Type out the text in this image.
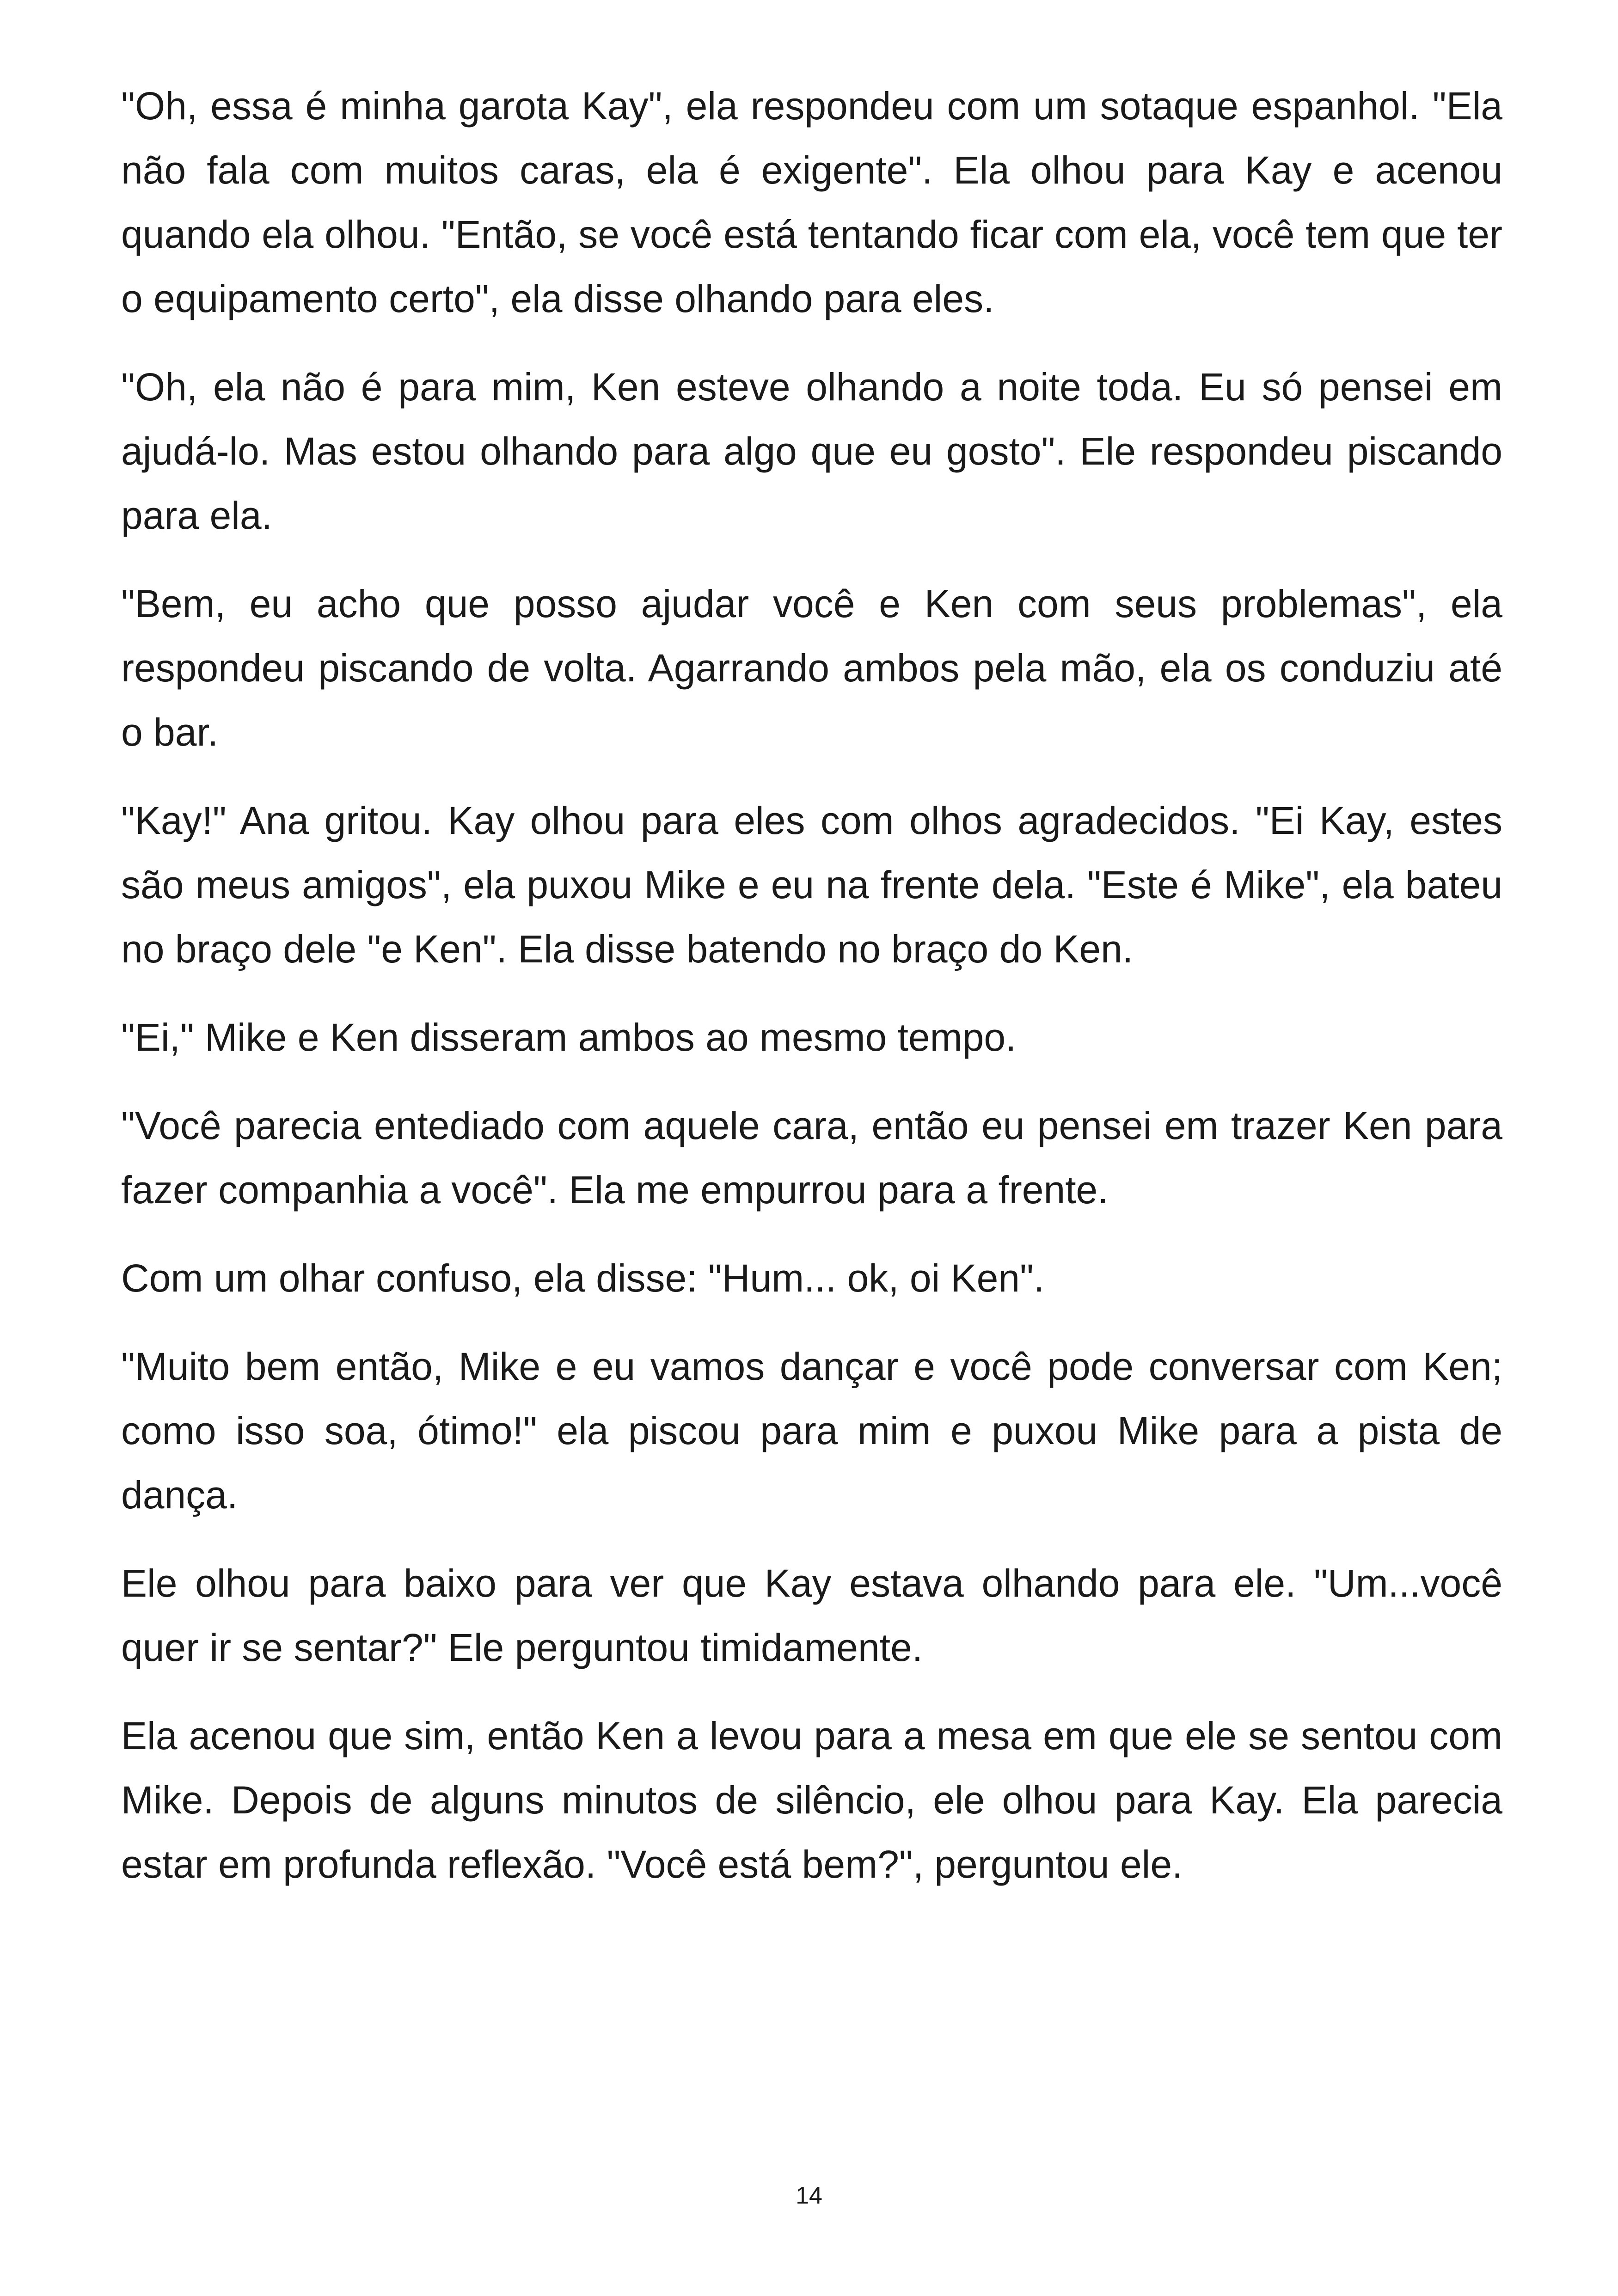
"Oh, essa é minha garota Kay", ela respondeu com um sotaque espanhol. "Ela não fala com muitos caras, ela é exigente". Ela olhou para Kay e acenou quando ela olhou. "Então, se você está tentando ficar com ela, você tem que ter o equipamento certo", ela disse olhando para eles.

"Oh, ela não é para mim, Ken esteve olhando a noite toda. Eu só pensei em ajudá-lo. Mas estou olhando para algo que eu gosto". Ele respondeu piscando para ela.

"Bem, eu acho que posso ajudar você e Ken com seus problemas", ela respondeu piscando de volta. Agarrando ambos pela mão, ela os conduziu até o bar.

"Kay!" Ana gritou. Kay olhou para eles com olhos agradecidos. "Ei Kay, estes são meus amigos", ela puxou Mike e eu na frente dela. "Este é Mike", ela bateu no braço dele "e Ken". Ela disse batendo no braço do Ken.

"Ei," Mike e Ken disseram ambos ao mesmo tempo.

"Você parecia entediado com aquele cara, então eu pensei em trazer Ken para fazer companhia a você". Ela me empurrou para a frente.

Com um olhar confuso, ela disse: "Hum... ok, oi Ken".

"Muito bem então, Mike e eu vamos dançar e você pode conversar com Ken; como isso soa, ótimo!" ela piscou para mim e puxou Mike para a pista de dança.

Ele olhou para baixo para ver que Kay estava olhando para ele. "Um...você quer ir se sentar?" Ele perguntou timidamente.

Ela acenou que sim, então Ken a levou para a mesa em que ele se sentou com Mike. Depois de alguns minutos de silêncio, ele olhou para Kay. Ela parecia estar em profunda reflexão. "Você está bem?", perguntou ele.

14
